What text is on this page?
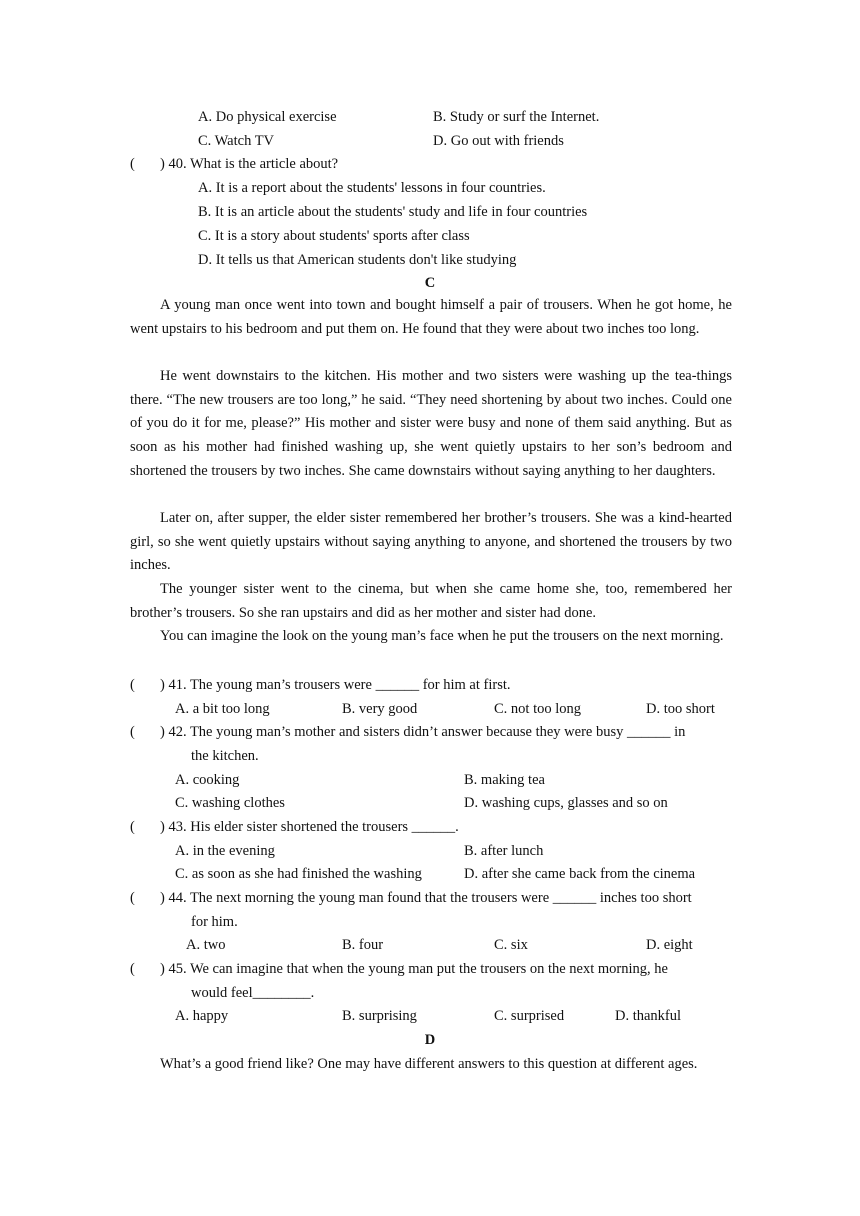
A. Do physical exercise	B. Study or surf the Internet.
C. Watch TV	D. Go out with friends
( ) 40. What is the article about?
A. It is a report about the students' lessons in four countries.
B. It is an article about the students' study and life in four countries
C. It is a story about students' sports after class
D. It tells us that American students don't like studying
C
A young man once went into town and bought himself a pair of trousers. When he got home, he went upstairs to his bedroom and put them on. He found that they were about two inches too long.
He went downstairs to the kitchen. His mother and two sisters were washing up the tea-things there. “The new trousers are too long,” he said. “They need shortening by about two inches. Could one of you do it for me, please?” His mother and sister were busy and none of them said anything. But as soon as his mother had finished washing up, she went quietly upstairs to her son’s bedroom and shortened the trousers by two inches. She came downstairs without saying anything to her daughters.
Later on, after supper, the elder sister remembered her brother’s trousers. She was a kind-hearted girl, so she went quietly upstairs without saying anything to anyone, and shortened the trousers by two inches.
The younger sister went to the cinema, but when she came home she, too, remembered her brother’s trousers. So she ran upstairs and did as her mother and sister had done.
You can imagine the look on the young man’s face when he put the trousers on the next morning.
( ) 41. The young man’s trousers were ______ for him at first.
A. a bit too long	B. very good	C. not too long	D. too short
( ) 42. The young man’s mother and sisters didn’t answer because they were busy ______ in
the kitchen.
A. cooking	B. making tea
C. washing clothes	D. washing cups, glasses and so on
( ) 43. His elder sister shortened the trousers ______.
A. in the evening	B. after lunch
C. as soon as she had finished the washing	D. after she came back from the cinema
( ) 44. The next morning the young man found that the trousers were ______ inches too short
for him.
A. two	B. four	C. six	D. eight
( ) 45. We can imagine that when the young man put the trousers on the next morning, he
would feel________.
A. happy	B. surprising	C. surprised	D. thankful
D
What’s a good friend like? One may have different answers to this question at different ages.
